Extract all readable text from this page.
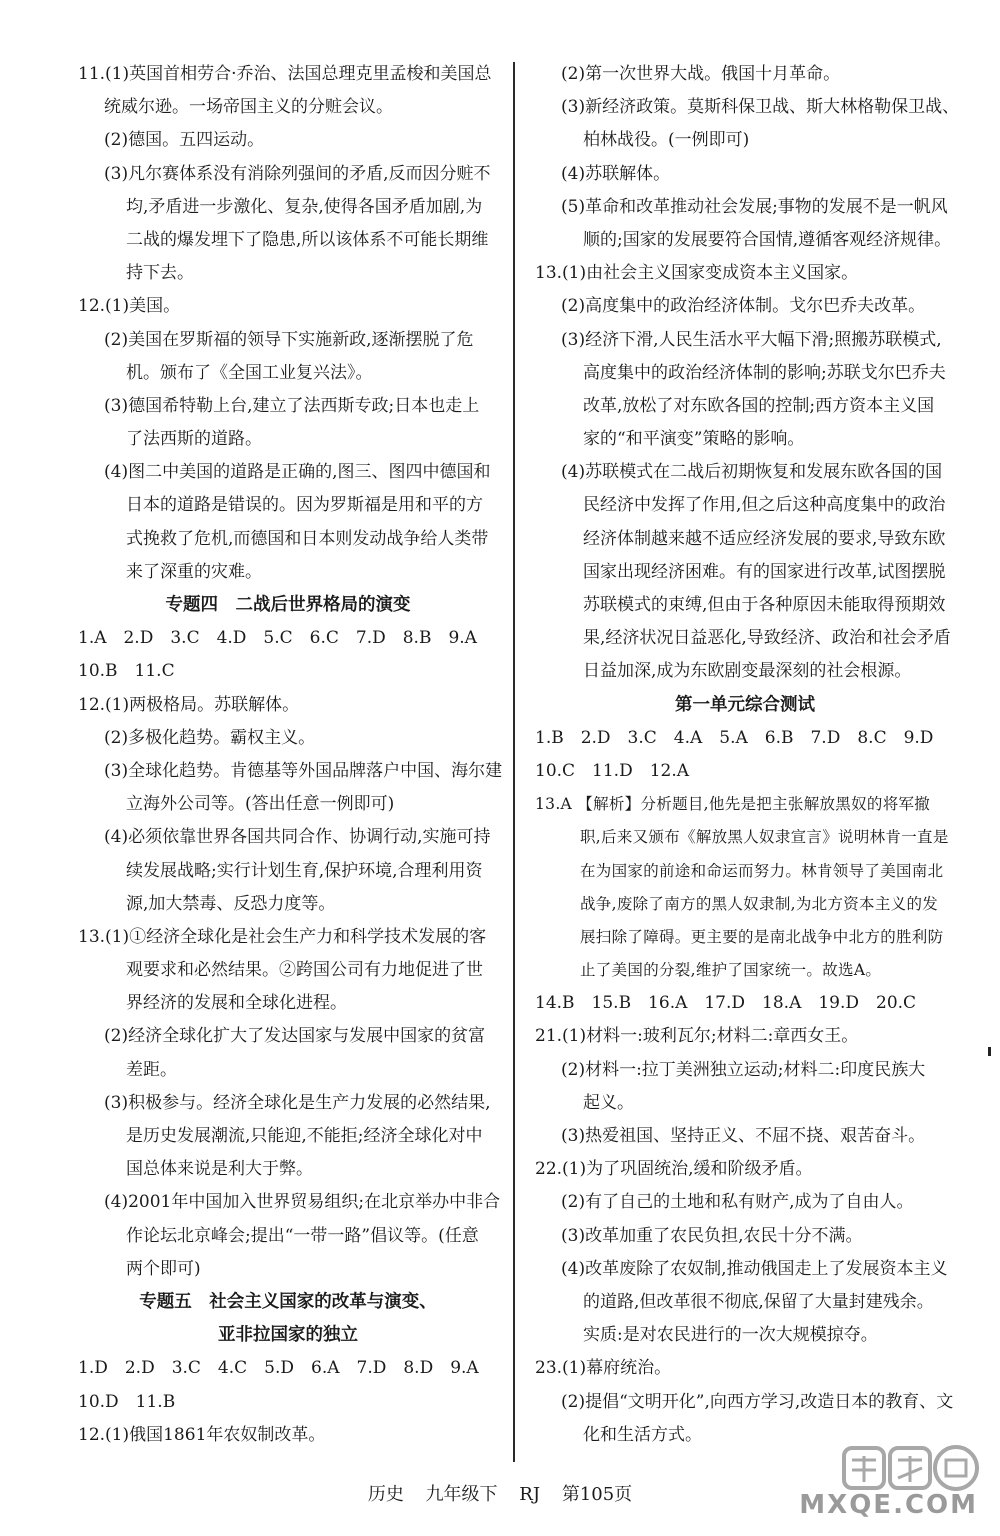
11.(1)英国首相劳合·乔治、法国总理克里孟梭和美国总
统威尔逊。一场帝国主义的分赃会议。
(2)德国。五四运动。
(3)凡尔赛体系没有消除列强间的矛盾,反而因分赃不
均,矛盾进一步激化、复杂,使得各国矛盾加剧,为
二战的爆发埋下了隐患,所以该体系不可能长期维
持下去。
12.(1)美国。
(2)美国在罗斯福的领导下实施新政,逐渐摆脱了危
机。颁布了《全国工业复兴法》。
(3)德国希特勒上台,建立了法西斯专政;日本也走上
了法西斯的道路。
(4)图二中美国的道路是正确的,图三、图四中德国和
日本的道路是错误的。因为罗斯福是用和平的方
式挽救了危机,而德国和日本则发动战争给人类带
来了深重的灾难。
专题四　二战后世界格局的演变
1.A　2.D　3.C　4.D　5.C　6.C　7.D　8.B　9.A
10.B　11.C
12.(1)两极格局。苏联解体。
(2)多极化趋势。霸权主义。
(3)全球化趋势。肯德基等外国品牌落户中国、海尔建
立海外公司等。(答出任意一例即可)
(4)必须依靠世界各国共同合作、协调行动,实施可持
续发展战略;实行计划生育,保护环境,合理利用资
源,加大禁毒、反恐力度等。
13.(1)①经济全球化是社会生产力和科学技术发展的客
观要求和必然结果。②跨国公司有力地促进了世
界经济的发展和全球化进程。
(2)经济全球化扩大了发达国家与发展中国家的贫富
差距。
(3)积极参与。经济全球化是生产力发展的必然结果,
是历史发展潮流,只能迎,不能拒;经济全球化对中
国总体来说是利大于弊。
(4)2001年中国加入世界贸易组织;在北京举办中非合
作论坛北京峰会;提出“一带一路”倡议等。(任意
两个即可)
专题五　社会主义国家的改革与演变、
亚非拉国家的独立
1.D　2.D　3.C　4.C　5.D　6.A　7.D　8.D　9.A
10.D　11.B
12.(1)俄国1861年农奴制改革。
(2)第一次世界大战。俄国十月革命。
(3)新经济政策。莫斯科保卫战、斯大林格勒保卫战、
柏林战役。(一例即可)
(4)苏联解体。
(5)革命和改革推动社会发展;事物的发展不是一帆风
顺的;国家的发展要符合国情,遵循客观经济规律。
13.(1)由社会主义国家变成资本主义国家。
(2)高度集中的政治经济体制。戈尔巴乔夫改革。
(3)经济下滑,人民生活水平大幅下滑;照搬苏联模式,
高度集中的政治经济体制的影响;苏联戈尔巴乔夫
改革,放松了对东欧各国的控制;西方资本主义国
家的“和平演变”策略的影响。
(4)苏联模式在二战后初期恢复和发展东欧各国的国
民经济中发挥了作用,但之后这种高度集中的政治
经济体制越来越不适应经济发展的要求,导致东欧
国家出现经济困难。有的国家进行改革,试图摆脱
苏联模式的束缚,但由于各种原因未能取得预期效
果,经济状况日益恶化,导致经济、政治和社会矛盾
日益加深,成为东欧剧变最深刻的社会根源。
第一单元综合测试
1.B　2.D　3.C　4.A　5.A　6.B　7.D　8.C　9.D
10.C　11.D　12.A
13.A 【解析】分析题目,他先是把主张解放黑奴的将军撤
职,后来又颁布《解放黑人奴隶宣言》说明林肯一直是
在为国家的前途和命运而努力。林肯领导了美国南北
战争,废除了南方的黑人奴隶制,为北方资本主义的发
展扫除了障碍。更主要的是南北战争中北方的胜利防
止了美国的分裂,维护了国家统一。故选A。
14.B　15.B　16.A　17.D　18.A　19.D　20.C
21.(1)材料一:玻利瓦尔;材料二:章西女王。
(2)材料一:拉丁美洲独立运动;材料二:印度民族大
起义。
(3)热爱祖国、坚持正义、不屈不挠、艰苦奋斗。
22.(1)为了巩固统治,缓和阶级矛盾。
(2)有了自己的土地和私有财产,成为了自由人。
(3)改革加重了农民负担,农民十分不满。
(4)改革废除了农奴制,推动俄国走上了发展资本主义
的道路,但改革很不彻底,保留了大量封建残余。
实质:是对农民进行的一次大规模掠夺。
23.(1)幕府统治。
(2)提倡“文明开化”,向西方学习,改造日本的教育、文
化和生活方式。
历史 九年级下 RJ 第105页	MXQE.COM
